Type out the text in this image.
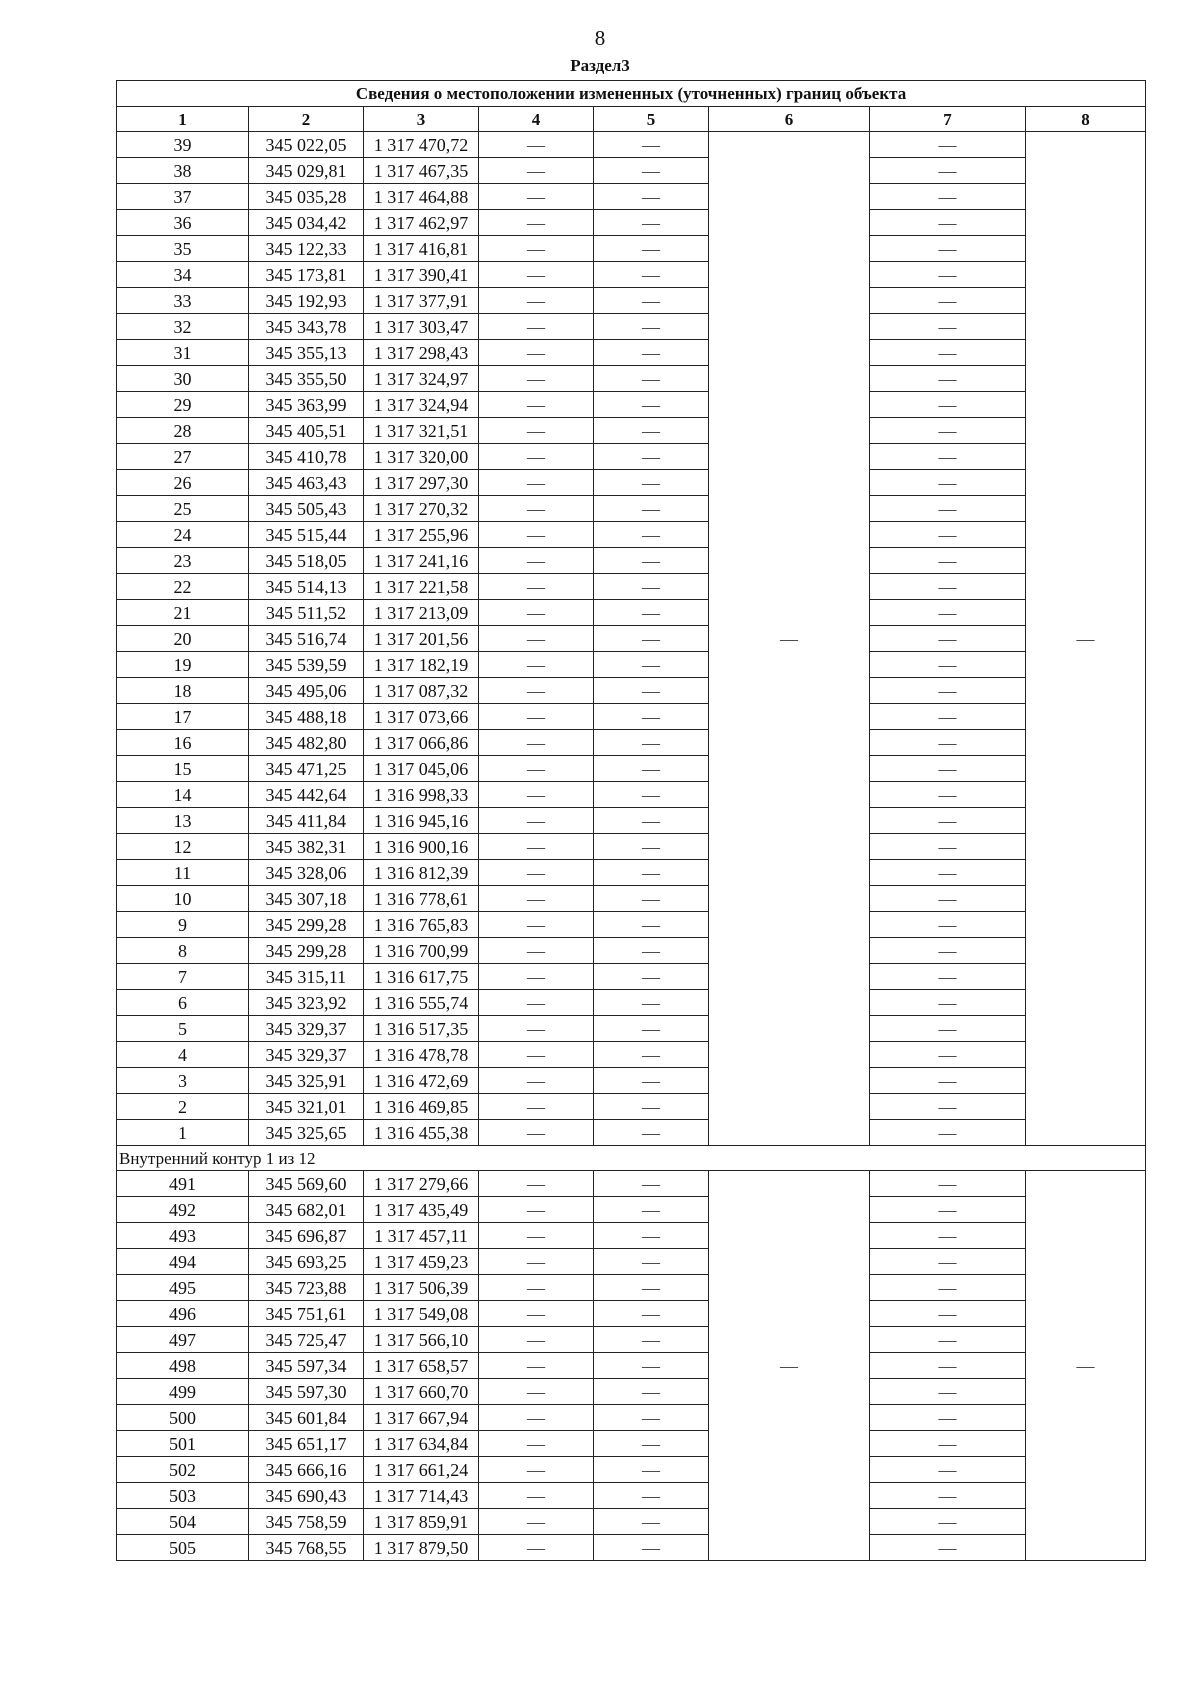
8
Раздел3
Сведения о местоположении измененных (уточненных) границ объекта							
1	2	3	4	5	6	7	8
39	345 022,05	1 317 470,72	—	—	—	—	—
38	345 029,81	1 317 467,35	—	—		—	
37	345 035,28	1 317 464,88	—	—		—	
36	345 034,42	1 317 462,97	—	—		—	
35	345 122,33	1 317 416,81	—	—		—	
34	345 173,81	1 317 390,41	—	—		—	
33	345 192,93	1 317 377,91	—	—		—	
32	345 343,78	1 317 303,47	—	—		—	
31	345 355,13	1 317 298,43	—	—		—	
30	345 355,50	1 317 324,97	—	—		—	
29	345 363,99	1 317 324,94	—	—		—	
28	345 405,51	1 317 321,51	—	—		—	
27	345 410,78	1 317 320,00	—	—		—	
26	345 463,43	1 317 297,30	—	—		—	
25	345 505,43	1 317 270,32	—	—		—	
24	345 515,44	1 317 255,96	—	—		—	
23	345 518,05	1 317 241,16	—	—		—	
22	345 514,13	1 317 221,58	—	—		—	
21	345 511,52	1 317 213,09	—	—		—	
20	345 516,74	1 317 201,56	—	—		—	
19	345 539,59	1 317 182,19	—	—		—	
18	345 495,06	1 317 087,32	—	—		—	
17	345 488,18	1 317 073,66	—	—		—	
16	345 482,80	1 317 066,86	—	—		—	
15	345 471,25	1 317 045,06	—	—		—	
14	345 442,64	1 316 998,33	—	—		—	
13	345 411,84	1 316 945,16	—	—		—	
12	345 382,31	1 316 900,16	—	—		—	
11	345 328,06	1 316 812,39	—	—		—	
10	345 307,18	1 316 778,61	—	—		—	
9	345 299,28	1 316 765,83	—	—		—	
8	345 299,28	1 316 700,99	—	—		—	
7	345 315,11	1 316 617,75	—	—		—	
6	345 323,92	1 316 555,74	—	—		—	
5	345 329,37	1 316 517,35	—	—		—	
4	345 329,37	1 316 478,78	—	—		—	
3	345 325,91	1 316 472,69	—	—		—	
2	345 321,01	1 316 469,85	—	—		—	
1	345 325,65	1 316 455,38	—	—		—	
Внутренний контур 1 из 12							
491	345 569,60	1 317 279,66	—	—	—	—	—
492	345 682,01	1 317 435,49	—	—		—	
493	345 696,87	1 317 457,11	—	—		—	
494	345 693,25	1 317 459,23	—	—		—	
495	345 723,88	1 317 506,39	—	—		—	
496	345 751,61	1 317 549,08	—	—		—	
497	345 725,47	1 317 566,10	—	—		—	
498	345 597,34	1 317 658,57	—	—		—	
499	345 597,30	1 317 660,70	—	—		—	
500	345 601,84	1 317 667,94	—	—		—	
501	345 651,17	1 317 634,84	—	—		—	
502	345 666,16	1 317 661,24	—	—		—	
503	345 690,43	1 317 714,43	—	—		—	
504	345 758,59	1 317 859,91	—	—		—	
505	345 768,55	1 317 879,50	—	—		—	
